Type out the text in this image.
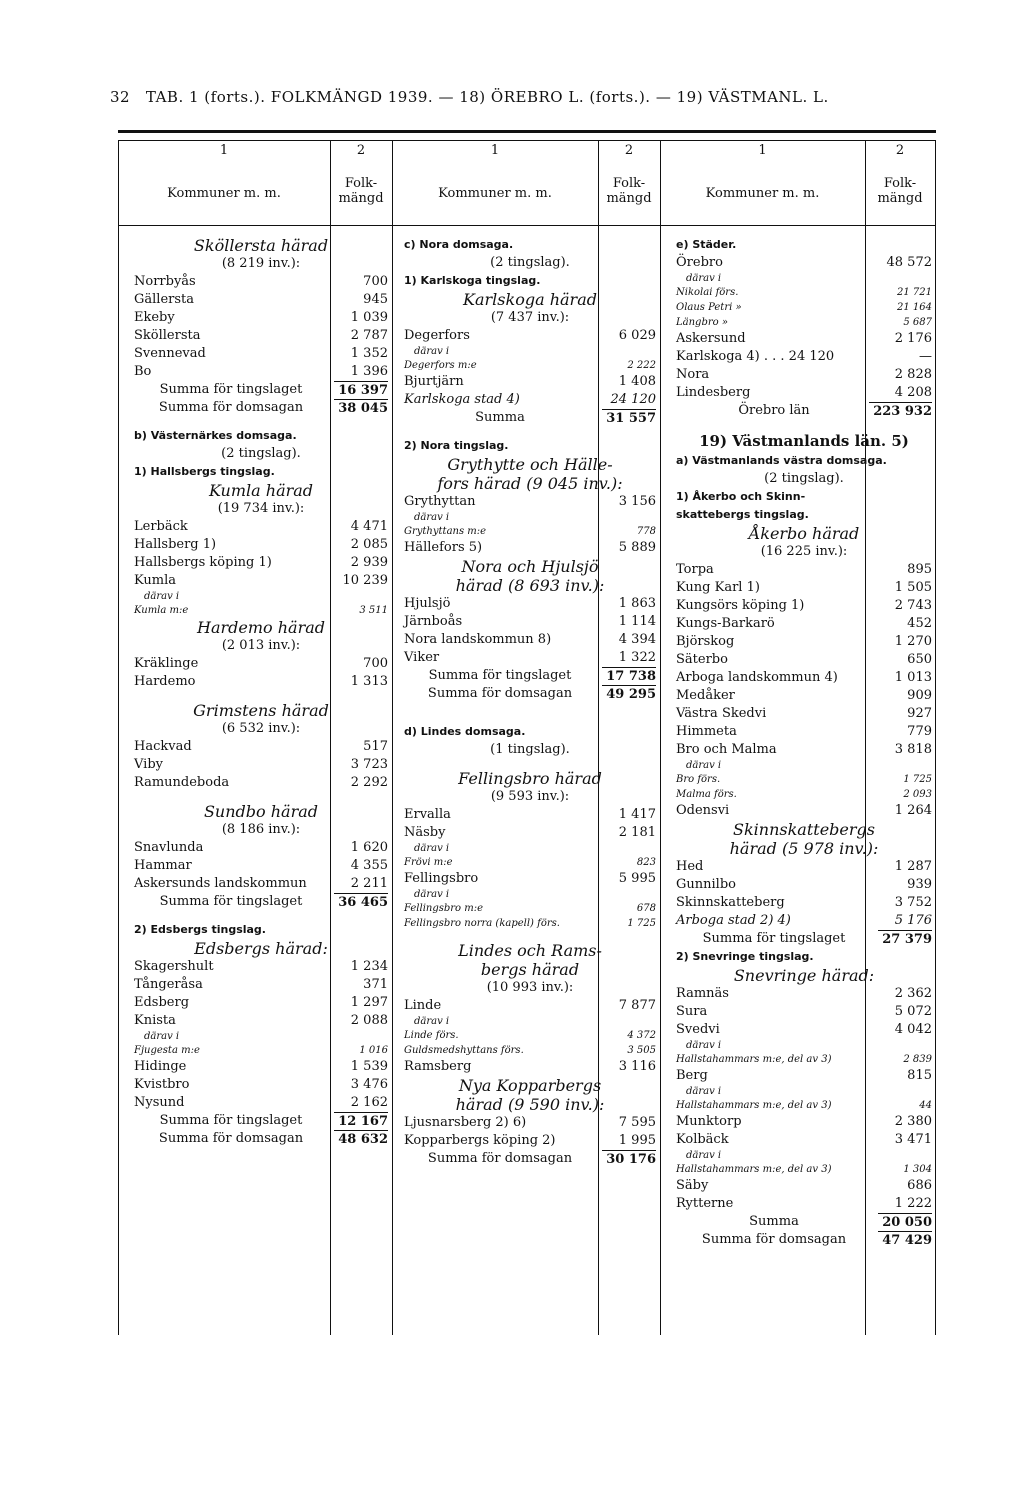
32 TAB. 1 (forts.). FOLKMÄNGD 1939. — 18) ÖREBRO L. (forts.). — 19) VÄSTMANL. L.
1	2	1	2	1	2
Kommuner m. m.
Folk- mängd	Kommuner m. m.
Folk- mängd	Kommuner m. m.
Folk- mängd
Sköllersta härad
(8 219 inv.):
Norrbyås	700
Gällersta	945
Ekeby	1 039
Sköllersta	2 787
Svennevad	1 352
Bo	1 396
Summa för tingslaget	16 397
Summa för domsagan	38 045
b) Västernärkes domsaga.
(2 tingslag).
1) Hallsbergs tingslag.
Kumla härad
(19 734 inv.):
Lerbäck	4 471
Hallsberg 1)	2 085
Hallsbergs köping 1)	2 939
Kumla	10 239
därav i
Kumla m:e	3 511
Hardemo härad
(2 013 inv.):
Kräklinge	700
Hardemo	1 313
Grimstens härad
(6 532 inv.):
Hackvad	517
Viby	3 723
Ramundeboda	2 292
Sundbo härad
(8 186 inv.):
Snavlunda	1 620
Hammar	4 355
Askersunds landskommun	2 211
Summa för tingslaget	36 465
2) Edsbergs tingslag.
Edsbergs härad:
Skagershult	1 234
Tångeråsa	371
Edsberg	1 297
Knista	2 088
därav i
Fjugesta m:e	1 016
Hidinge	1 539
Kvistbro	3 476
Nysund	2 162
Summa för tingslaget	12 167
Summa för domsagan	48 632
c) Nora domsaga.
(2 tingslag).
1) Karlskoga tingslag.
Karlskoga härad
(7 437 inv.):
Degerfors	6 029
därav i
Degerfors m:e	2 222
Bjurtjärn	1 408
Karlskoga stad 4)	24 120
Summa	31 557
2) Nora tingslag.
Grythytte och Hälle-
fors härad (9 045 inv.):
Grythyttan	3 156
därav i
Grythyttans m:e	778
Hällefors 5)	5 889
Nora och Hjulsjö
härad (8 693 inv.):
Hjulsjö	1 863
Järnboås	1 114
Nora landskommun 8)	4 394
Viker	1 322
Summa för tingslaget	17 738
Summa för domsagan	49 295
d) Lindes domsaga.
(1 tingslag).
Fellingsbro härad
(9 593 inv.):
Ervalla	1 417
Näsby	2 181
därav i
Frövi m:e	823
Fellingsbro	5 995
därav i
Fellingsbro m:e	678
Fellingsbro norra (kapell) förs.	1 725
Lindes och Rams-
bergs härad
(10 993 inv.):
Linde	7 877
därav i
Linde förs.	4 372
Guldsmedshyttans förs.	3 505
Ramsberg	3 116
Nya Kopparbergs
härad (9 590 inv.):
Ljusnarsberg 2) 6)	7 595
Kopparbergs köping 2)	1 995
Summa för domsagan	30 176
e) Städer.
Örebro	48 572
därav i
Nikolai förs.	21 721
Olaus Petri »	21 164
Längbro »	5 687
Askersund	2 176
Karlskoga 4) . . . 24 120	—
Nora	2 828
Lindesberg	4 208
Örebro län	223 932
19) Västmanlands län. 5)
a) Västmanlands västra domsaga.
(2 tingslag).
1) Åkerbo och Skinn-
skattebergs tingslag.
Åkerbo härad
(16 225 inv.):
Torpa	895
Kung Karl 1)	1 505
Kungsörs köping 1)	2 743
Kungs-Barkarö	452
Björskog	1 270
Säterbo	650
Arboga landskommun 4)	1 013
Medåker	909
Västra Skedvi	927
Himmeta	779
Bro och Malma	3 818
därav i
Bro förs.	1 725
Malma förs.	2 093
Odensvi	1 264
Skinnskattebergs
härad (5 978 inv.):
Hed	1 287
Gunnilbo	939
Skinnskatteberg	3 752
Arboga stad 2) 4)	5 176
Summa för tingslaget	27 379
2) Snevringe tingslag.
Snevringe härad:
Ramnäs	2 362
Sura	5 072
Svedvi	4 042
därav i
Hallstahammars m:e, del av 3)	2 839
Berg	815
därav i
Hallstahammars m:e, del av 3)	44
Munktorp	2 380
Kolbäck	3 471
därav i
Hallstahammars m:e, del av 3)	1 304
Säby	686
Rytterne	1 222
Summa	20 050
Summa för domsagan	47 429
